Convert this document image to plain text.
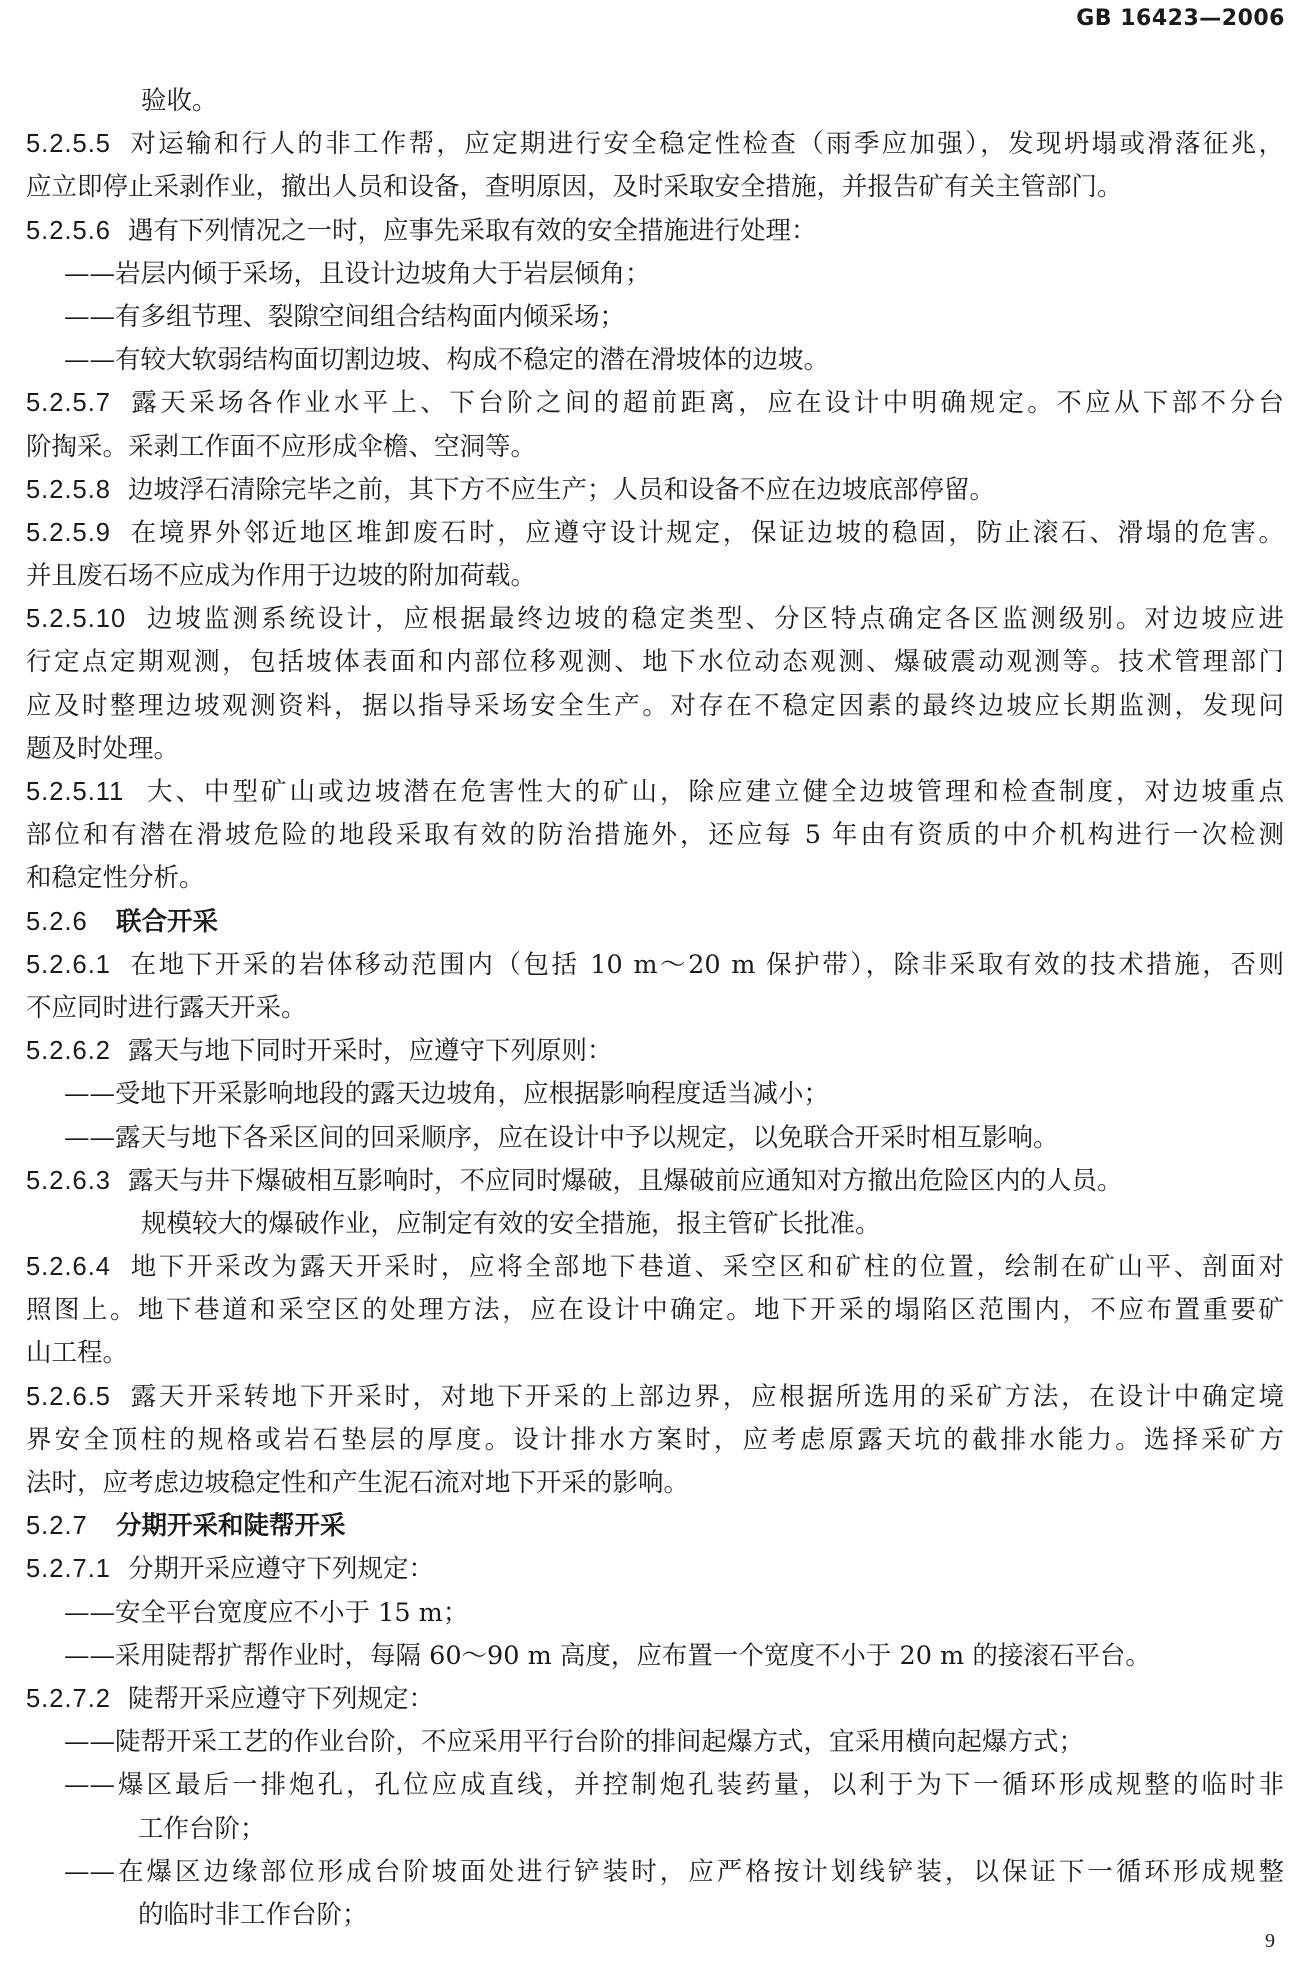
GB 16423—2006
验收。
5.2.5.5 对运输和行人的非工作帮，应定期进行安全稳定性检查（雨季应加强），发现坍塌或滑落征兆，
应立即停止采剥作业，撤出人员和设备，查明原因，及时采取安全措施，并报告矿有关主管部门。
5.2.5.6 遇有下列情况之一时，应事先采取有效的安全措施进行处理：
——岩层内倾于采场，且设计边坡角大于岩层倾角；
——有多组节理、裂隙空间组合结构面内倾采场；
——有较大软弱结构面切割边坡、构成不稳定的潜在滑坡体的边坡。
5.2.5.7 露天采场各作业水平上、下台阶之间的超前距离，应在设计中明确规定。不应从下部不分台
阶掏采。采剥工作面不应形成伞檐、空洞等。
5.2.5.8 边坡浮石清除完毕之前，其下方不应生产；人员和设备不应在边坡底部停留。
5.2.5.9 在境界外邻近地区堆卸废石时，应遵守设计规定，保证边坡的稳固，防止滚石、滑塌的危害。
并且废石场不应成为作用于边坡的附加荷载。
5.2.5.10 边坡监测系统设计，应根据最终边坡的稳定类型、分区特点确定各区监测级别。对边坡应进
行定点定期观测，包括坡体表面和内部位移观测、地下水位动态观测、爆破震动观测等。技术管理部门
应及时整理边坡观测资料，据以指导采场安全生产。对存在不稳定因素的最终边坡应长期监测，发现问
题及时处理。
5.2.5.11 大、中型矿山或边坡潜在危害性大的矿山，除应建立健全边坡管理和检查制度，对边坡重点
部位和有潜在滑坡危险的地段采取有效的防治措施外，还应每 5 年由有资质的中介机构进行一次检测
和稳定性分析。
5.2.6 联合开采
5.2.6.1 在地下开采的岩体移动范围内（包括 10 m～20 m 保护带），除非采取有效的技术措施，否则
不应同时进行露天开采。
5.2.6.2 露天与地下同时开采时，应遵守下列原则：
——受地下开采影响地段的露天边坡角，应根据影响程度适当减小；
——露天与地下各采区间的回采顺序，应在设计中予以规定，以免联合开采时相互影响。
5.2.6.3 露天与井下爆破相互影响时，不应同时爆破，且爆破前应通知对方撤出危险区内的人员。
规模较大的爆破作业，应制定有效的安全措施，报主管矿长批准。
5.2.6.4 地下开采改为露天开采时，应将全部地下巷道、采空区和矿柱的位置，绘制在矿山平、剖面对
照图上。地下巷道和采空区的处理方法，应在设计中确定。地下开采的塌陷区范围内，不应布置重要矿
山工程。
5.2.6.5 露天开采转地下开采时，对地下开采的上部边界，应根据所选用的采矿方法，在设计中确定境
界安全顶柱的规格或岩石垫层的厚度。设计排水方案时，应考虑原露天坑的截排水能力。选择采矿方
法时，应考虑边坡稳定性和产生泥石流对地下开采的影响。
5.2.7 分期开采和陡帮开采
5.2.7.1 分期开采应遵守下列规定：
——安全平台宽度应不小于 15 m；
——采用陡帮扩帮作业时，每隔 60～90 m 高度，应布置一个宽度不小于 20 m 的接滚石平台。
5.2.7.2 陡帮开采应遵守下列规定：
——陡帮开采工艺的作业台阶，不应采用平行台阶的排间起爆方式，宜采用横向起爆方式；
——爆区最后一排炮孔，孔位应成直线，并控制炮孔装药量，以利于为下一循环形成规整的临时非
工作台阶；
——在爆区边缘部位形成台阶坡面处进行铲装时，应严格按计划线铲装，以保证下一循环形成规整
的临时非工作台阶；
9
